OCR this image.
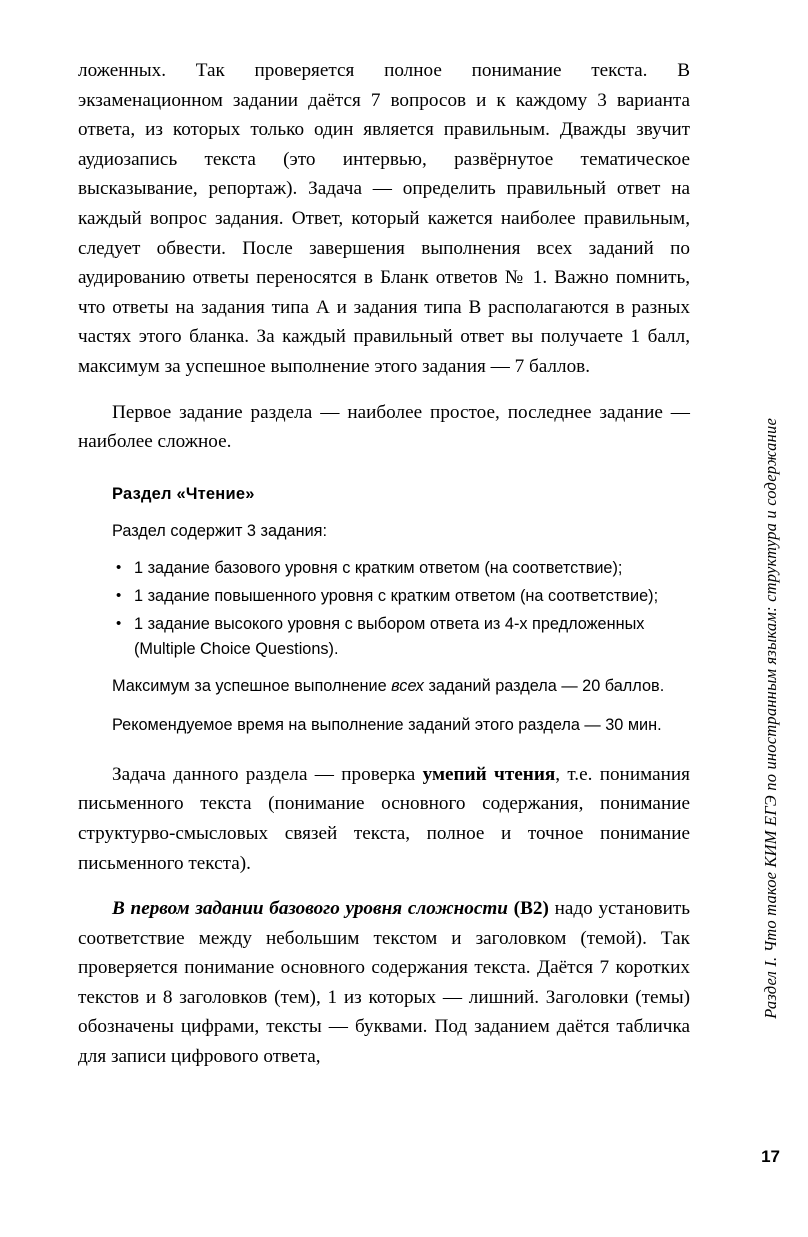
ложенных. Так проверяется полное понимание текста. В экзаменационном задании даётся 7 вопросов и к каждому 3 варианта ответа, из которых только один является правильным. Дважды звучит аудиозапись текста (это интервью, развёрнутое тематическое высказывание, репортаж). Задача — определить правильный ответ на каждый вопрос задания. Ответ, который кажется наиболее правильным, следует обвести. После завершения выполнения всех заданий по аудированию ответы переносятся в Бланк ответов № 1. Важно помнить, что ответы на задания типа А и задания типа В располагаются в разных частях этого бланка. За каждый правильный ответ вы получаете 1 балл, максимум за успешное выполнение этого задания — 7 баллов.

Первое задание раздела — наиболее простое, последнее задание — наиболее сложное.

Раздел «Чтение»

Раздел содержит 3 задания:

• 1 задание базового уровня с кратким ответом (на соответствие);
• 1 задание повышенного уровня с кратким ответом (на соответствие);
• 1 задание высокого уровня с выбором ответа из 4-х предложенных (Multiple Choice Questions).

Максимум за успешное выполнение всех заданий раздела — 20 баллов.

Рекомендуемое время на выполнение заданий этого раздела — 30 мин.

Задача данного раздела — проверка умепий чтения, т.е. понимания письменного текста (понимание основного содержания, понимание структурво-смысловых связей текста, полное и точное понимание письменного текста).

В первом задании базового уровня сложности (В2) надо установить соответствие между небольшим текстом и заголовком (темой). Так проверяется понимание основного содержания текста. Даётся 7 коротких текстов и 8 заголовков (тем), 1 из которых — лишний. Заголовки (темы) обозначены цифрами, тексты — буквами. Под заданием даётся табличка для записи цифрового ответа,

Раздел I. Что такое КИМ ЕГЭ по иностранным языкам: структура и содержание
17
